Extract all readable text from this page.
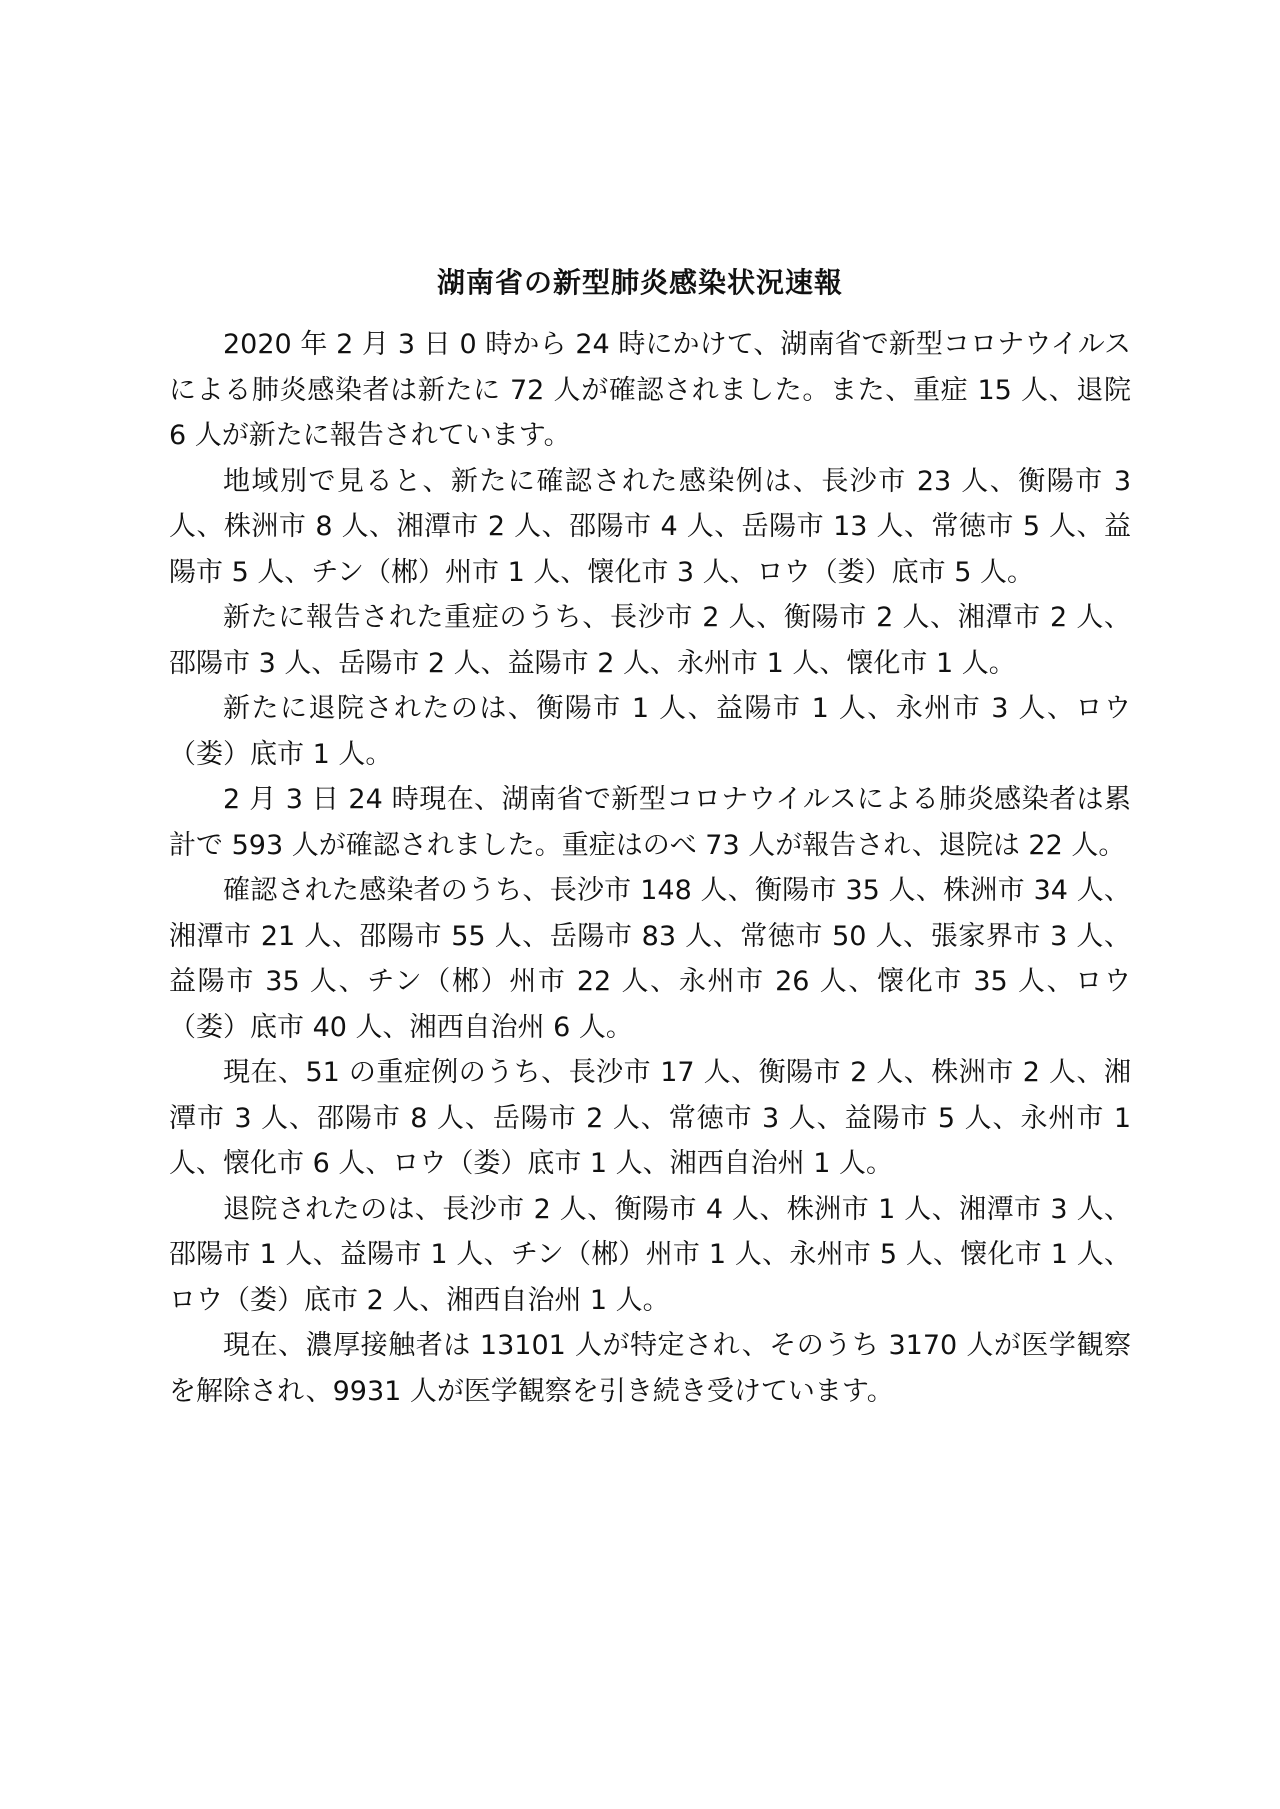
湖南省の新型肺炎感染状況速報

2020 年 2 月 3 日 0 時から 24 時にかけて、湖南省で新型コロナウイルスによる肺炎感染者は新たに 72 人が確認されました。また、重症 15 人、退院 6 人が新たに報告されています。

地域別で見ると、新たに確認された感染例は、長沙市 23 人、衡陽市 3 人、株洲市 8 人、湘潭市 2 人、邵陽市 4 人、岳陽市 13 人、常徳市 5 人、益陽市 5 人、チン（郴）州市 1 人、懐化市 3 人、ロウ（娄）底市 5 人。

新たに報告された重症のうち、長沙市 2 人、衡陽市 2 人、湘潭市 2 人、邵陽市 3 人、岳陽市 2 人、益陽市 2 人、永州市 1 人、懐化市 1 人。

新たに退院されたのは、衡陽市 1 人、益陽市 1 人、永州市 3 人、ロウ（娄）底市 1 人。

2 月 3 日 24 時現在、湖南省で新型コロナウイルスによる肺炎感染者は累計で 593 人が確認されました。重症はのべ 73 人が報告され、退院は 22 人。

確認された感染者のうち、長沙市 148 人、衡陽市 35 人、株洲市 34 人、湘潭市 21 人、邵陽市 55 人、岳陽市 83 人、常徳市 50 人、張家界市 3 人、益陽市 35 人、チン（郴）州市 22 人、永州市 26 人、懐化市 35 人、ロウ（娄）底市 40 人、湘西自治州 6 人。

現在、51 の重症例のうち、長沙市 17 人、衡陽市 2 人、株洲市 2 人、湘潭市 3 人、邵陽市 8 人、岳陽市 2 人、常徳市 3 人、益陽市 5 人、永州市 1 人、懐化市 6 人、ロウ（娄）底市 1 人、湘西自治州 1 人。

退院されたのは、長沙市 2 人、衡陽市 4 人、株洲市 1 人、湘潭市 3 人、邵陽市 1 人、益陽市 1 人、チン（郴）州市 1 人、永州市 5 人、懐化市 1 人、ロウ（娄）底市 2 人、湘西自治州 1 人。

現在、濃厚接触者は 13101 人が特定され、そのうち 3170 人が医学観察を解除され、9931 人が医学観察を引き続き受けています。
